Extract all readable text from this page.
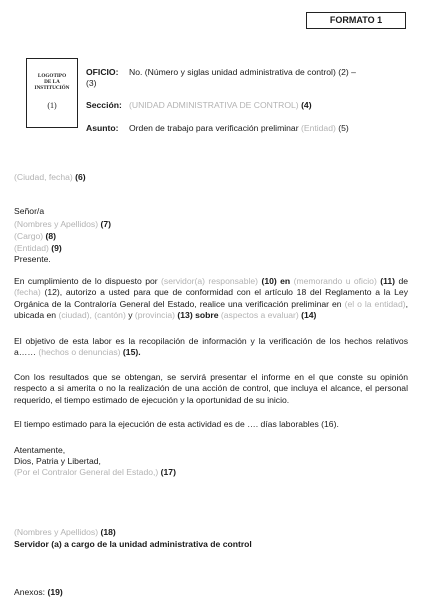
FORMATO 1
LOGOTIPO
DE LA
INSTITUCIÓN
(1)
OFICIO: No. (Número y siglas unidad administrativa de control) (2) –
(3)
Sección: (UNIDAD ADMINISTRATIVA DE CONTROL) (4)
Asunto: Orden de trabajo para verificación preliminar (Entidad) (5)
(Ciudad, fecha) (6)
Señor/a
(Nombres y Apellidos) (7)
(Cargo) (8)
(Entidad) (9)
Presente.
En cumplimiento de lo dispuesto por (servidor(a) responsable) (10) en (memorando u oficio) (11) de (fecha) (12), autorizo a usted para que de conformidad con el artículo 18 del Reglamento a la Ley Orgánica de la Contraloría General del Estado, realice una verificación preliminar en (el o la entidad), ubicada en (ciudad), (cantón) y (provincia) (13) sobre (aspectos a evaluar) (14)
El objetivo de esta labor es la recopilación de información y la verificación de los hechos relativos a…… (hechos o denuncias) (15).
Con los resultados que se obtengan, se servirá presentar el informe en el que conste su opinión respecto a si amerita o no la realización de una acción de control, que incluya el alcance, el personal requerido, el tiempo estimado de ejecución y la oportunidad de su inicio.
El tiempo estimado para la ejecución de esta actividad es de …. días laborables (16).
Atentamente,
Dios, Patria y Libertad,
(Por el Contralor General del Estado,) (17)
(Nombres y Apellidos) (18)
Servidor (a) a cargo de la unidad administrativa de control
Anexos: (19)
